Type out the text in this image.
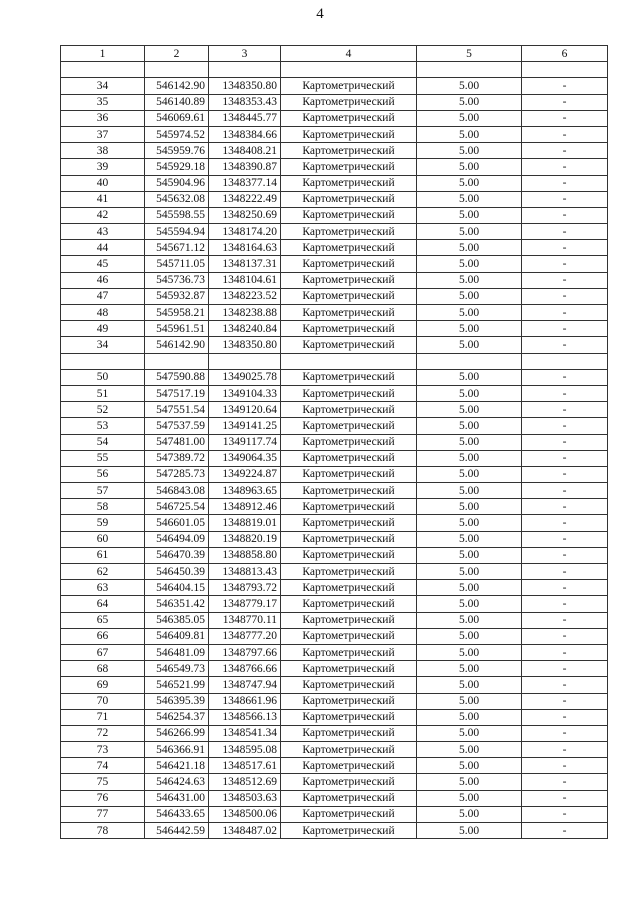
4
1	2	3	4	5	6

34	546142.90	1348350.80	Картометрический	5.00	-
35	546140.89	1348353.43	Картометрический	5.00	-
36	546069.61	1348445.77	Картометрический	5.00	-
37	545974.52	1348384.66	Картометрический	5.00	-
38	545959.76	1348408.21	Картометрический	5.00	-
39	545929.18	1348390.87	Картометрический	5.00	-
40	545904.96	1348377.14	Картометрический	5.00	-
41	545632.08	1348222.49	Картометрический	5.00	-
42	545598.55	1348250.69	Картометрический	5.00	-
43	545594.94	1348174.20	Картометрический	5.00	-
44	545671.12	1348164.63	Картометрический	5.00	-
45	545711.05	1348137.31	Картометрический	5.00	-
46	545736.73	1348104.61	Картометрический	5.00	-
47	545932.87	1348223.52	Картометрический	5.00	-
48	545958.21	1348238.88	Картометрический	5.00	-
49	545961.51	1348240.84	Картометрический	5.00	-
34	546142.90	1348350.80	Картометрический	5.00	-

50	547590.88	1349025.78	Картометрический	5.00	-
51	547517.19	1349104.33	Картометрический	5.00	-
52	547551.54	1349120.64	Картометрический	5.00	-
53	547537.59	1349141.25	Картометрический	5.00	-
54	547481.00	1349117.74	Картометрический	5.00	-
55	547389.72	1349064.35	Картометрический	5.00	-
56	547285.73	1349224.87	Картометрический	5.00	-
57	546843.08	1348963.65	Картометрический	5.00	-
58	546725.54	1348912.46	Картометрический	5.00	-
59	546601.05	1348819.01	Картометрический	5.00	-
60	546494.09	1348820.19	Картометрический	5.00	-
61	546470.39	1348858.80	Картометрический	5.00	-
62	546450.39	1348813.43	Картометрический	5.00	-
63	546404.15	1348793.72	Картометрический	5.00	-
64	546351.42	1348779.17	Картометрический	5.00	-
65	546385.05	1348770.11	Картометрический	5.00	-
66	546409.81	1348777.20	Картометрический	5.00	-
67	546481.09	1348797.66	Картометрический	5.00	-
68	546549.73	1348766.66	Картометрический	5.00	-
69	546521.99	1348747.94	Картометрический	5.00	-
70	546395.39	1348661.96	Картометрический	5.00	-
71	546254.37	1348566.13	Картометрический	5.00	-
72	546266.99	1348541.34	Картометрический	5.00	-
73	546366.91	1348595.08	Картометрический	5.00	-
74	546421.18	1348517.61	Картометрический	5.00	-
75	546424.63	1348512.69	Картометрический	5.00	-
76	546431.00	1348503.63	Картометрический	5.00	-
77	546433.65	1348500.06	Картометрический	5.00	-
78	546442.59	1348487.02	Картометрический	5.00	-
